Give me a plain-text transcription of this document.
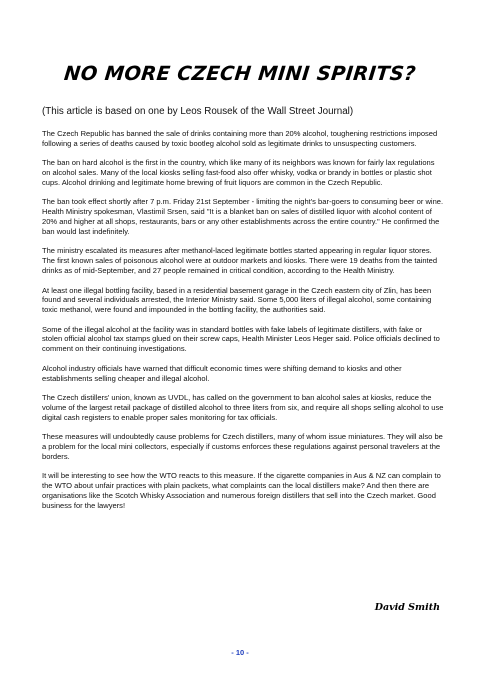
NO MORE CZECH MINI SPIRITS?
(This article is based on one by Leos Rousek of the Wall Street Journal)

The Czech Republic has banned the sale of drinks containing more than 20% alcohol, toughening restrictions imposed following a series of deaths caused by toxic bootleg alcohol sold as legitimate drinks to unsuspecting customers.

The ban on hard alcohol is the first in the country, which like many of its neighbors was known for fairly lax regulations on alcohol sales. Many of the local kiosks selling fast-food also offer whisky, vodka or brandy in bottles or plastic shot cups. Alcohol drinking and legitimate home brewing of fruit liquors are common in the Czech Republic.

The ban took effect shortly after 7 p.m. Friday 21st September - limiting the night's bar-goers to consuming beer or wine. Health Ministry spokesman, Vlastimil Srsen, said "It is a blanket ban on sales of distilled liquor with alcohol content of 20% and higher at all shops, restaurants, bars or any other establishments across the entire country." He confirmed the ban would last indefinitely.

The ministry escalated its measures after methanol-laced legitimate bottles started appearing in regular liquor stores. The first known sales of poisonous alcohol were at outdoor markets and kiosks. There were 19 deaths from the tainted drinks as of mid-September, and 27 people remained in critical condition, according to the Health Ministry.

At least one illegal bottling facility, based in a residential basement garage in the Czech eastern city of Zlin, has been found and several individuals arrested, the Interior Ministry said. Some 5,000 liters of illegal alcohol, some containing toxic methanol, were found and impounded in the bottling facility, the authorities said.

Some of the illegal alcohol at the facility was in standard bottles with fake labels of legitimate distillers, with fake or stolen official alcohol tax stamps glued on their screw caps, Health Minister Leos Heger said. Police officials declined to comment on their continuing investigations.

Alcohol industry officials have warned that difficult economic times were shifting demand to kiosks and other establishments selling cheaper and illegal alcohol.

The Czech distillers' union, known as UVDL, has called on the government to ban alcohol sales at kiosks, reduce the volume of the largest retail package of distilled alcohol to three liters from six, and require all shops selling alcohol to use digital cash registers to enable proper sales monitoring for tax officials.

These measures will undoubtedly cause problems for Czech distillers, many of whom issue miniatures. They will also be a problem for the local mini collectors, especially if customs enforces these regulations against personal travelers at the borders.

It will be interesting to see how the WTO reacts to this measure. If the cigarette companies in Aus & NZ can complain to the WTO about unfair practices with plain packets, what complaints can the local distillers make? And then there are organisations like the Scotch Whisky Association and numerous foreign distillers that sell into the Czech market. Good business for the lawyers!

David Smith
- 10 -
